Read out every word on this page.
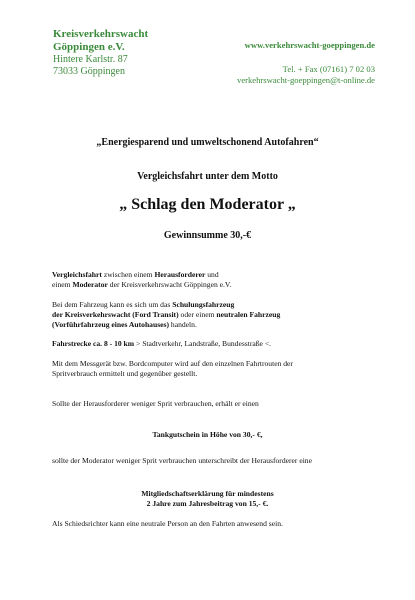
Kreisverkehrswacht
Göppingen e.V.
Hintere Karlstr. 87
73033 Göppingen
www.verkehrswacht-goeppingen.de
Tel. + Fax (07161) 7 02 03
verkehrswacht-goeppingen@t-online.de
„Energiesparend und umweltschonend Autofahren“
Vergleichsfahrt unter dem Motto
„ Schlag den Moderator „
Gewinnsumme 30,-€

Vergleichsfahrt zwischen einem Herausforderer und

einem Moderator der Kreisverkehrswacht Göppingen e.V.

Bei dem Fahrzeug kann es sich um das Schulungsfahrzeug

der Kreisverkehrswacht (Ford Transit) oder einem neutralen Fahrzeug

(Vorführfahrzeug eines Autohauses) handeln.

Fahrstrecke ca. 8 - 10 km > Stadtverkehr, Landstraße, Bundesstraße <.

Mit dem Messgerät bzw. Bordcomputer wird auf den einzelnen Fahrtrouten der

Spritverbrauch ermittelt und gegenüber gestellt.

Sollte der Herausforderer weniger Sprit verbrauchen, erhält er einen

Tankgutschein in Höhe von 30,- €,

sollte der Moderator weniger Sprit verbrauchen unterschreibt der Herausforderer eine

Mitgliedschaftserklärung für mindestens
2 Jahre zum Jahresbeitrag von 15,- €.

Als Schiedsrichter kann eine neutrale Person an den Fahrten anwesend sein.
